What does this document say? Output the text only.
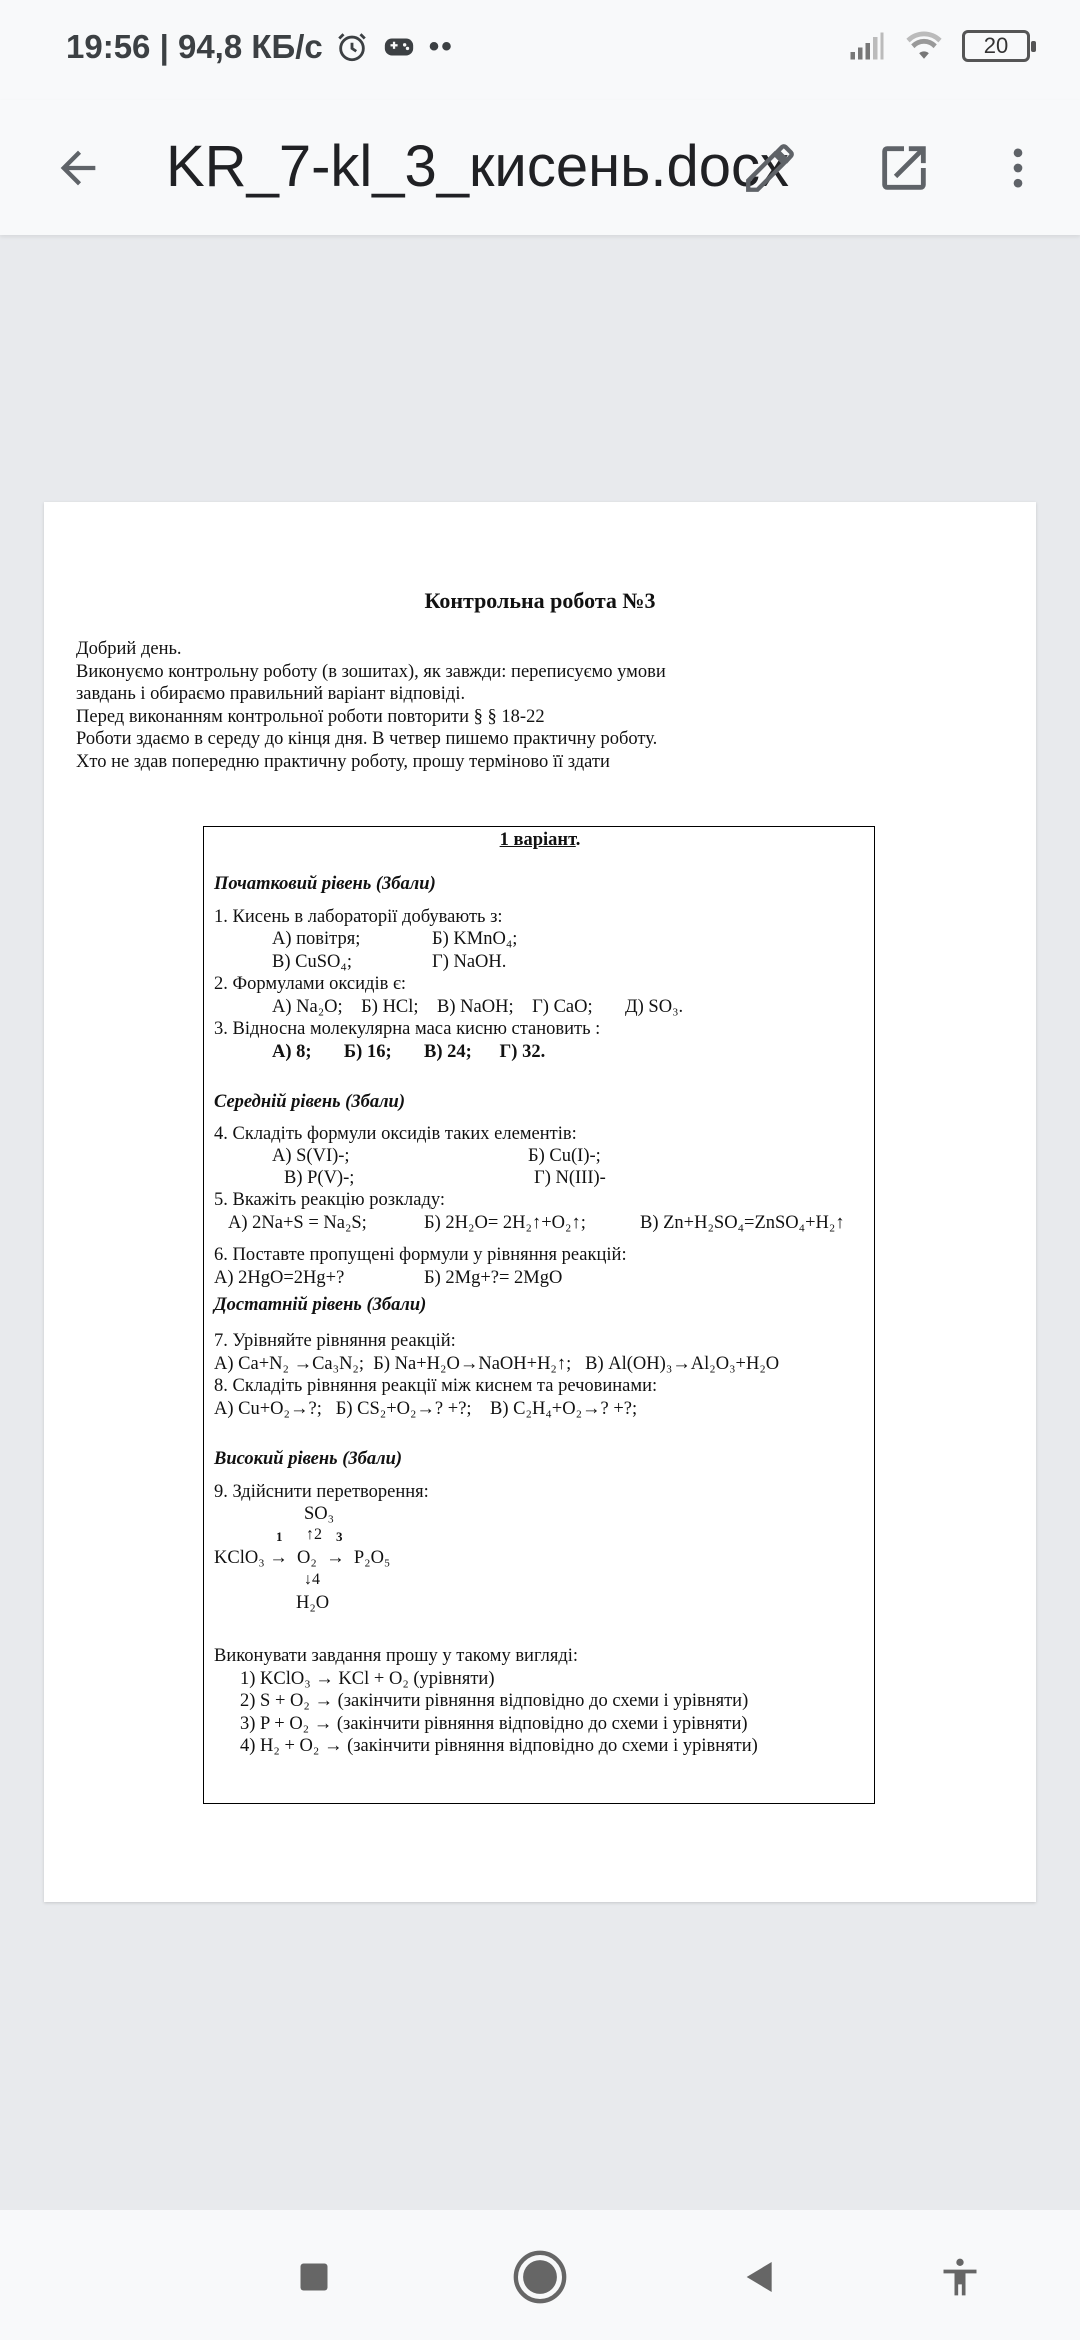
19:56 | 94,8 КБ/с	••	20
KR_7-kl_3_кисень.docx
Контрольна робота №3
Добрий день.
Виконуємо контрольну роботу (в зошитах), як завжди: переписуємо умови
завдань і обираємо правильний варіант відповіді.
Перед виконанням контрольної роботи повторити § § 18-22
Роботи здаємо в середу до кінця дня. В четвер пишемо практичну роботу.
Хто не здав попередню практичну роботу, прошу терміново її здати
1 варіант.
Початковий рівень (3бали)
1. Кисень в лабораторії добувають з:
А) повітря;	Б) KMnO₄;
В) CuSO₄;	Г) NaOH.
2. Формулами оксидів є:
А) Na₂O;    Б) HCl;    В) NaOH;    Г) CaO;       Д) SO₃.
3. Відносна молекулярна маса кисню становить :
А) 8;       Б) 16;       В) 24;      Г) 32.
Середній рівень (3бали)
4. Складіть формули оксидів таких елементів:
А) S(VI)-;	Б) Cu(I)-;
В) P(V)-;	Г) N(III)-
5. Вкажіть реакцію розкладу:
А) 2Na+S = Na₂S;	Б) 2H₂O= 2H₂↑+O₂↑;	В) Zn+H₂SO₄=ZnSO₄+H₂↑
6. Поставте пропущені формули у рівняння реакцій:
А) 2HgO=2Hg+?	Б) 2Mg+?= 2MgO
Достатній рівень (3бали)
7. Урівняйте рівняння реакцій:
А) Ca+N₂ →Ca₃N₂;  Б) Na+H₂O→NaOH+H₂↑;   В) Al(OH)₃→Al₂O₃+H₂O
8. Складіть рівняння реакції між киснем та речовинами:
А) Cu+O₂→?;   Б) CS₂+O₂→? +?;    В) C₂H₄+O₂→? +?;
Високий рівень (3бали)
9. Здійснити перетворення:
SO₃
1 ↑2 3
KClO₃ →  O₂  →  P₂O₅
↓4
H₂O
Виконувати завдання прошу у такому вигляді:
1) KClO₃ → KCl + O₂ (урівняти)
2) S + O₂ → (закінчити рівняння відповідно до схеми і урівняти)
3) P + O₂ → (закінчити рівняння відповідно до схеми і урівняти)
4) H₂ + O₂ → (закінчити рівняння відповідно до схеми і урівняти)
